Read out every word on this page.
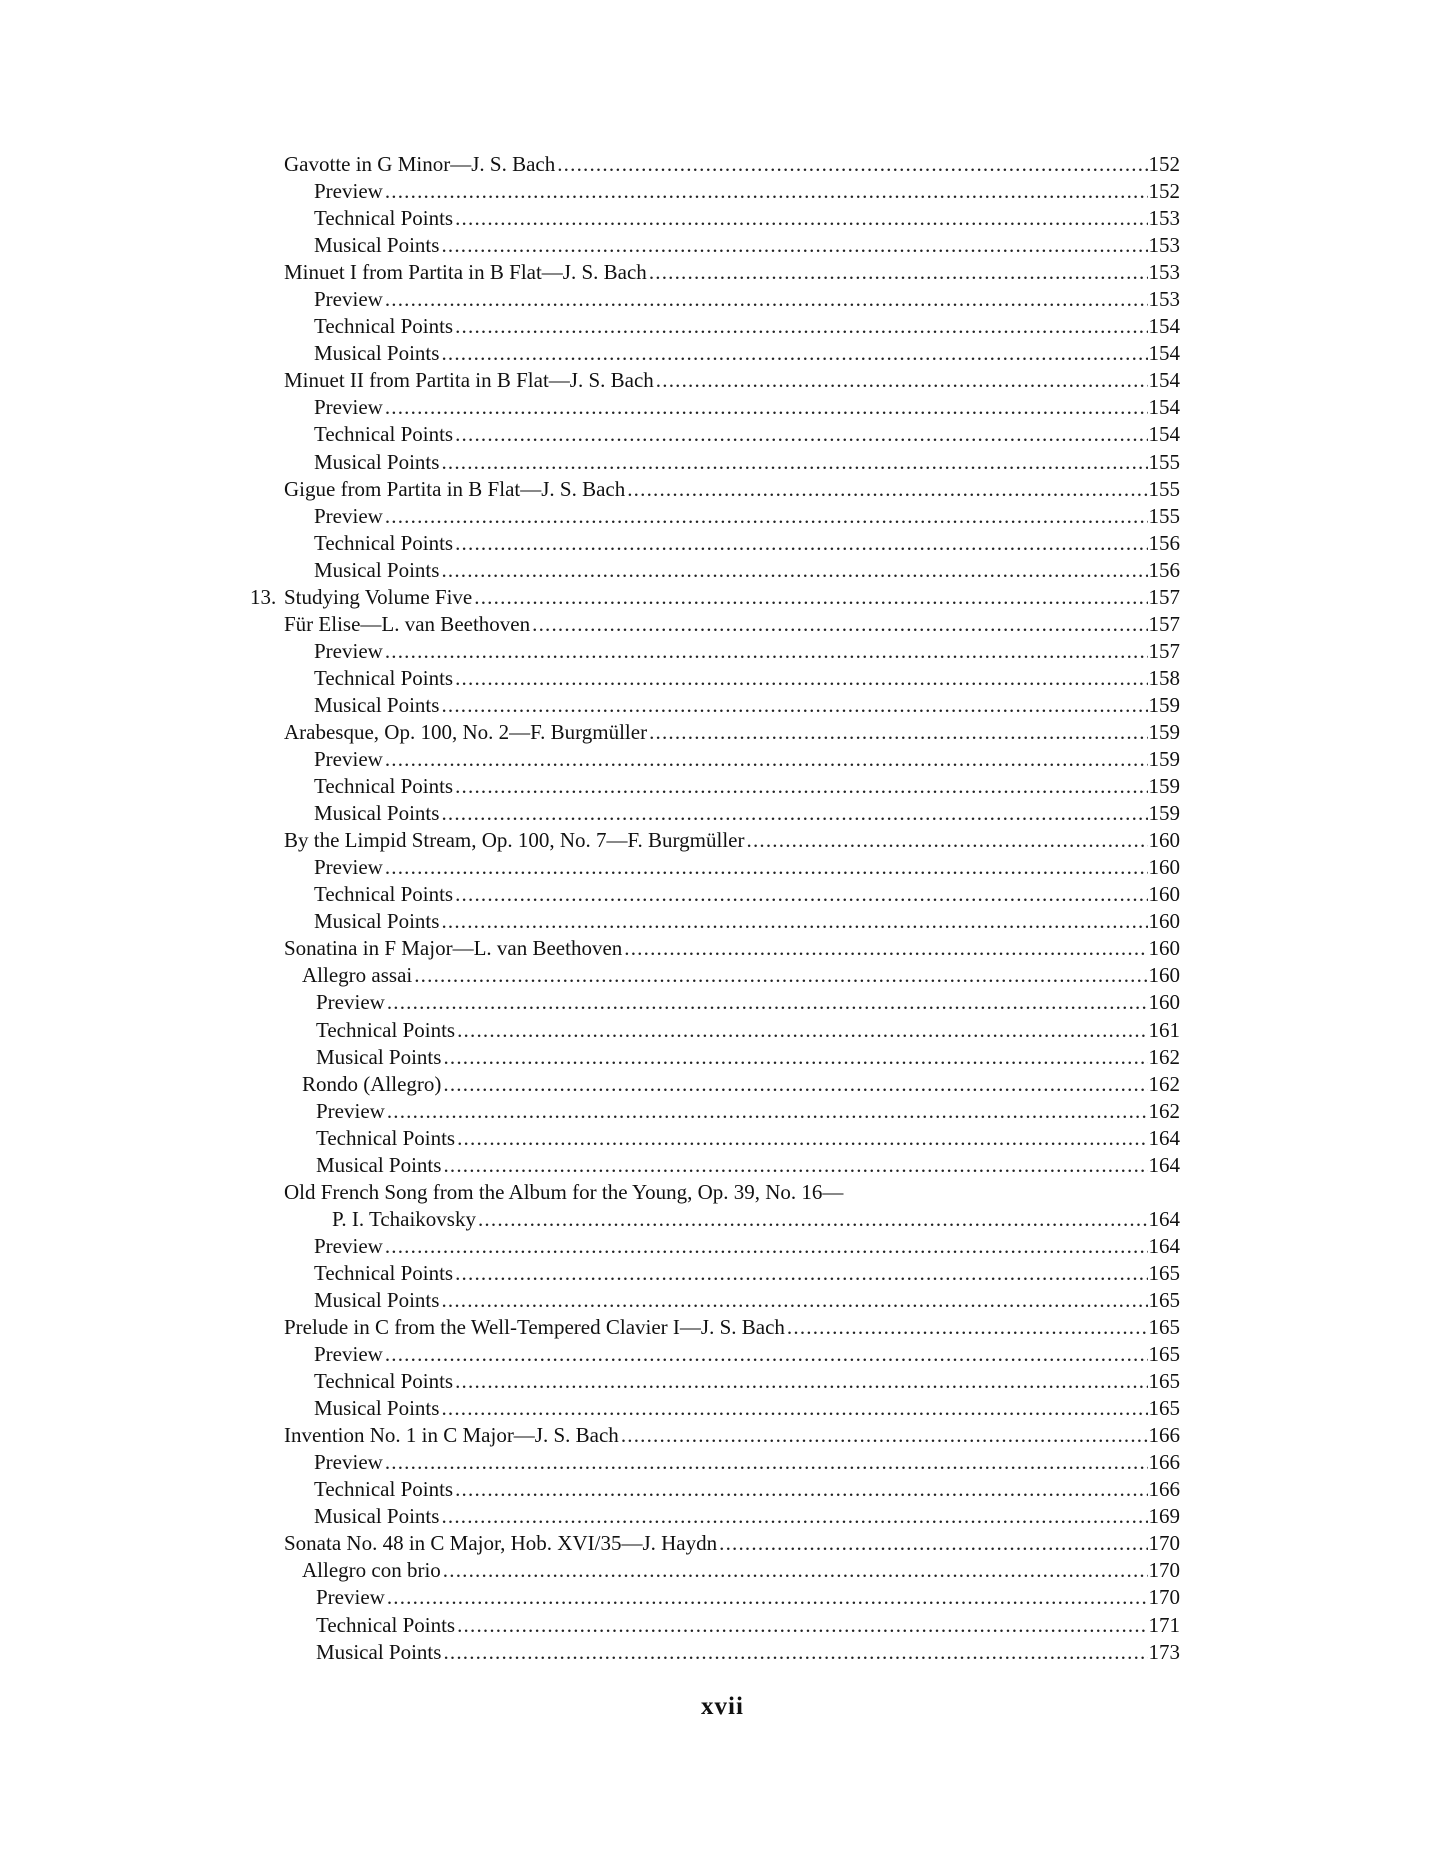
Gavotte in G Minor—J. S. Bach .....	152
Preview .....	152
Technical Points .....	153
Musical Points .....	153
Minuet I from Partita in B Flat—J. S. Bach .....	153
Preview .....	153
Technical Points .....	154
Musical Points .....	154
Minuet II from Partita in B Flat—J. S. Bach .....	154
Preview .....	154
Technical Points .....	154
Musical Points .....	155
Gigue from Partita in B Flat—J. S. Bach .....	155
Preview .....	155
Technical Points .....	156
Musical Points .....	156
13. Studying Volume Five .....	157
Für Elise—L. van Beethoven .....	157
Preview .....	157
Technical Points .....	158
Musical Points .....	159
Arabesque, Op. 100, No. 2—F. Burgmüller .....	159
Preview .....	159
Technical Points .....	159
Musical Points .....	159
By the Limpid Stream, Op. 100, No. 7—F. Burgmüller .....	160
Preview .....	160
Technical Points .....	160
Musical Points .....	160
Sonatina in F Major—L. van Beethoven .....	160
Allegro assai .....	160
Preview .....	160
Technical Points .....	161
Musical Points .....	162
Rondo (Allegro) .....	162
Preview .....	162
Technical Points .....	164
Musical Points .....	164
Old French Song from the Album for the Young, Op. 39, No. 16—
P. I. Tchaikovsky .....	164
Preview .....	164
Technical Points .....	165
Musical Points .....	165
Prelude in C from the Well-Tempered Clavier I—J. S. Bach .....	165
Preview .....	165
Technical Points .....	165
Musical Points .....	165
Invention No. 1 in C Major—J. S. Bach .....	166
Preview .....	166
Technical Points .....	166
Musical Points .....	169
Sonata No. 48 in C Major, Hob. XVI/35—J. Haydn .....	170
Allegro con brio .....	170
Preview .....	170
Technical Points .....	171
Musical Points .....	173
xvii
